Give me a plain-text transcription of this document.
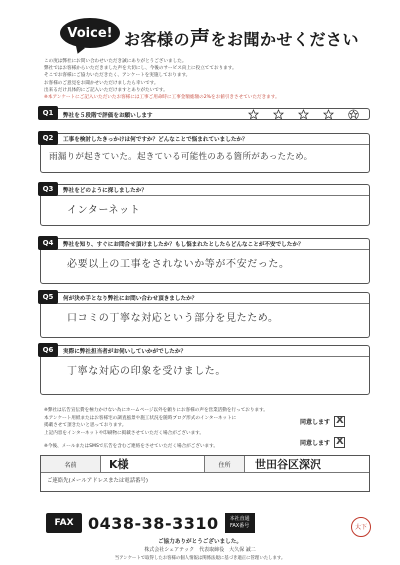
Voice! お客様の声をお聞かせください
この度は弊社にお問い合わせいただき誠にありがとうございました。
弊社ではお客様からいただきました声を大切にし、今後のサービス向上に役立てております。
そこでお客様にご協力いただきたく、アンケートを実施しております。
お客様のご意見をお聞かせいただけましたら幸いです。
出来るだけ具体的にご記入いただけますとありがたいです。
※本アンケートにご記入いただいたお客様には工事ご用命時に工事金額総額の2%をお値引きさせていただきます。
Q1	弊社を５段階で評価をお願いします
Q2	工事を検討したきっかけは何ですか？どんなことで悩まれていましたか？
雨漏りが起きていた。起きている可能性のある箇所があったため。
Q3	弊社をどのように探しましたか？
インターネット
Q4	弊社を知り、すぐにお問合せ頂けましたか？もし悩まれたとしたらどんなことが不安でしたか？
必要以上の工事をされないか等が不安だった。
Q5	何が決め手となり弊社にお問い合わせ頂きましたか？
口コミの丁寧な対応という部分を見たため。
Q6	実際に弊社担当者がお伺いしていかがでしたか？
丁寧な対応の印象を受けました。
※弊社は広告宣伝費を極力かけない為にホームページ以外を頼りにお客様の声を営業活動を行っております。
本アンケート用紙またはお客様宅の調査風景や施工状況を随時ブログ形式のインターネットに
掲載させて頂きたいと思っております。
上記内容をインターネットや印刷物に掲載させていただく場合がございます。
※今後、メールまたはSMSで広告を含むご連絡をさせていただく場合がございます。
同意します X
同意します X
名前	K様	住所	世田谷区深沢
ご連絡先(メールアドレスまたは電話番号)
FAX 0438-38-3310 本社直通
FAX番号
ご協力ありがとうございました。
株式会社シェアテック　代表取締役　大久保 誠二
当アンケートで取得したお客様の個人情報は関係法規に基づき適正に管理いたします。
大下
